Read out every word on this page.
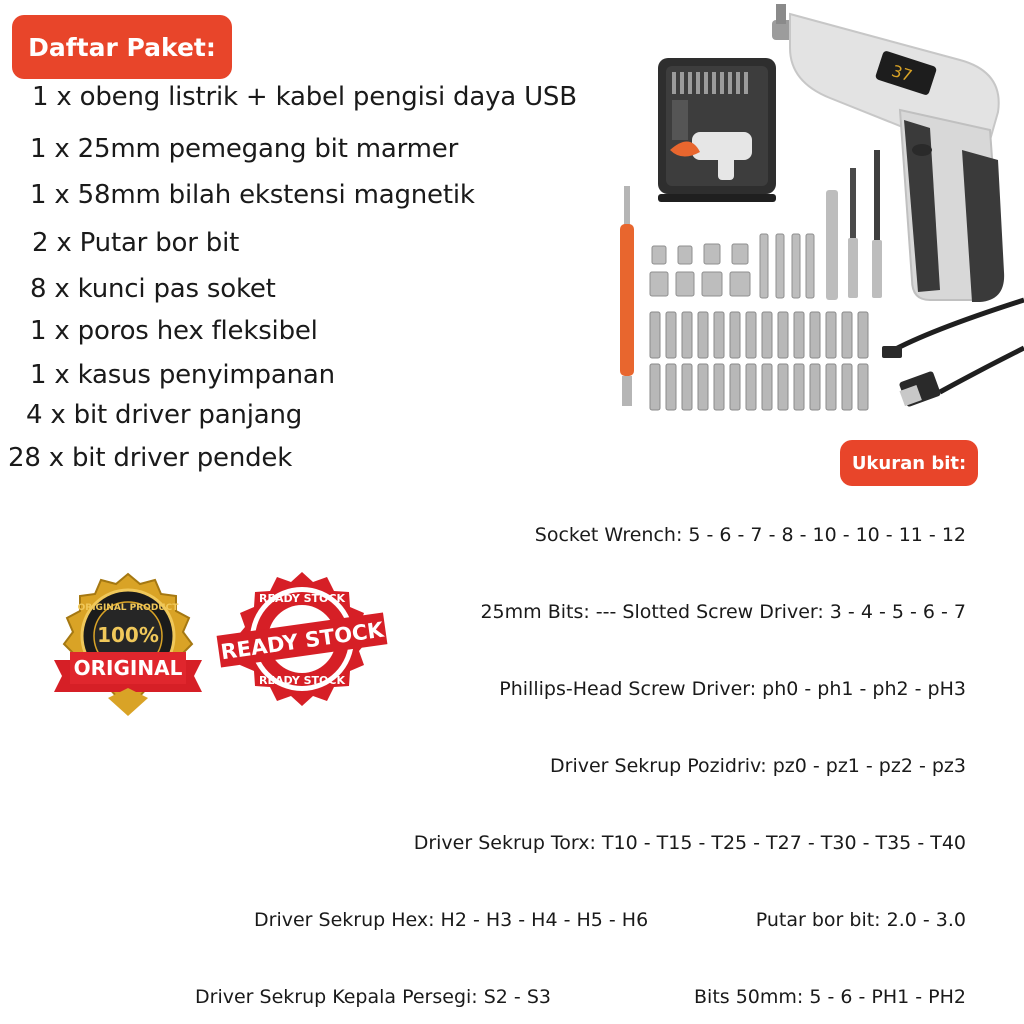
Daftar Paket:
1 x obeng listrik + kabel pengisi daya USB
1 x 25mm pemegang bit marmer
1 x 58mm bilah ekstensi magnetik
2 x Putar bor bit
8 x kunci pas soket
1 x poros hex fleksibel
1 x kasus penyimpanan
4 x bit driver panjang
28 x bit driver pendek
37
ORIGINAL PRODUCT
100%
ORIGINAL
READY STOCK
READY STOCK
READY STOCK
Ukuran bit:
Socket Wrench: 5 - 6 - 7 - 8 - 10 - 10 - 11 - 12
25mm Bits: --- Slotted Screw Driver: 3 - 4 - 5 - 6 - 7
Phillips-Head Screw Driver: ph0 - ph1 - ph2 - pH3
Driver Sekrup Pozidriv: pz0 - pz1 - pz2 - pz3
Driver Sekrup Torx: T10 - T15 - T25 - T27 - T30 - T35 - T40
Driver Sekrup Hex: H2 - H3 - H4 - H5 - H6	Putar bor bit: 2.0 - 3.0
Driver Sekrup Kepala Persegi: S2 - S3	Bits 50mm: 5 - 6 - PH1 - PH2
